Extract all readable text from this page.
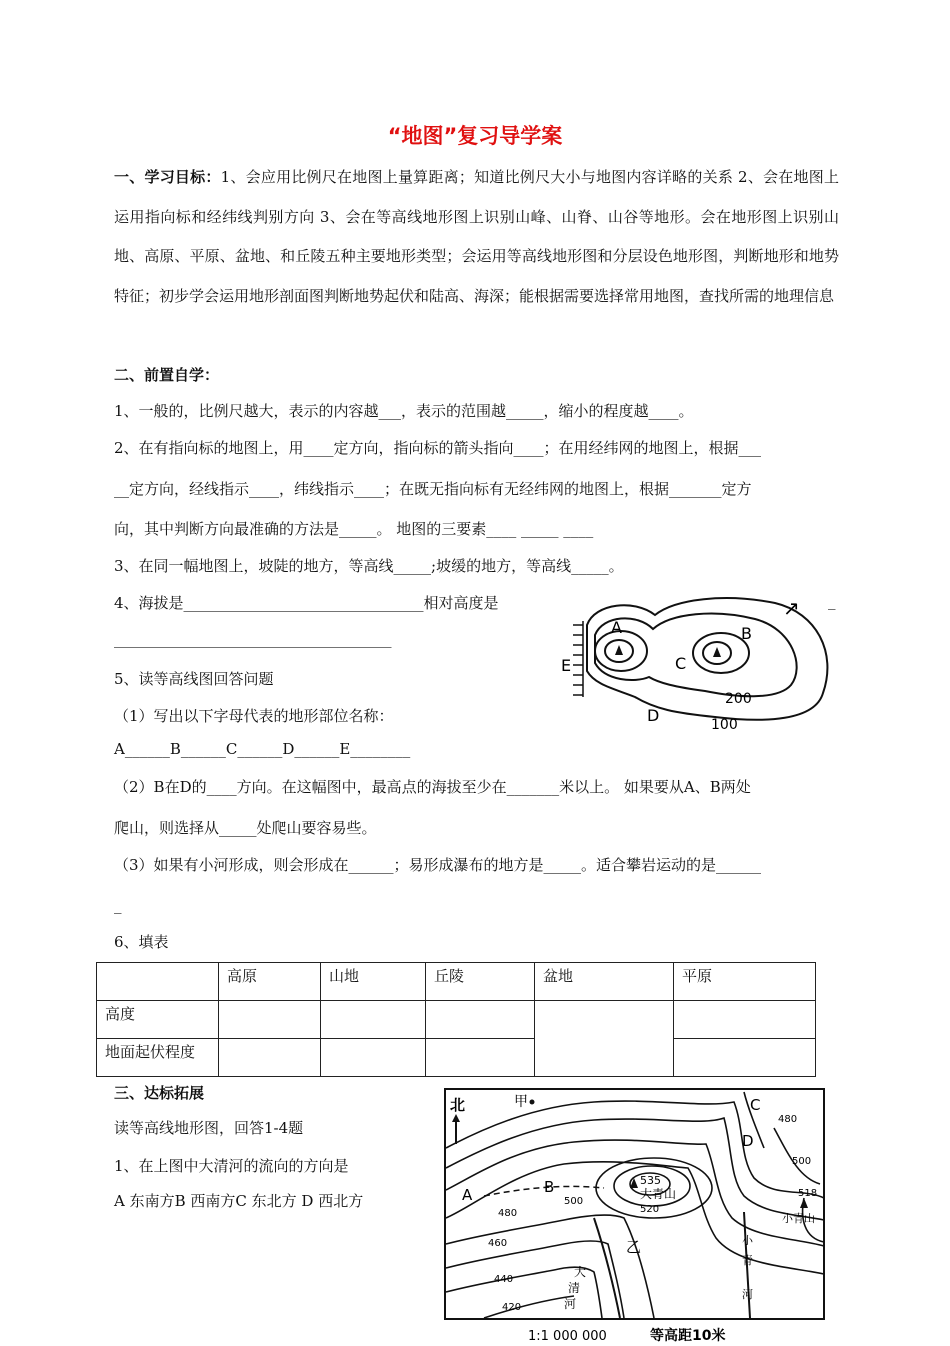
“地图”复习导学案
一、学习目标：1、会应用比例尺在地图上量算距离；知道比例尺大小与地图内容详略的关系 2、会在地图上运用指向标和经纬线判别方向 3、会在等高线地形图上识别山峰、山脊、山谷等地形。会在地形图上识别山地、高原、平原、盆地、和丘陵五种主要地形类型；会运用等高线地形图和分层设色地形图，判断地形和地势特征；初步学会运用地形剖面图判断地势起伏和陆高、海深；能根据需要选择常用地图，查找所需的地理信息
二、前置自学：
1、一般的，比例尺越大，表示的内容越___，表示的范围越_____，缩小的程度越____。
2、在有指向标的地图上，用____定方向，指向标的箭头指向____；在用经纬网的地图上，根据___
__定方向，经线指示____，纬线指示____；在既无指向标有无经纬网的地图上，根据_______定方
向，其中判断方向最准确的方法是_____。 地图的三要素____ _____ ____
3、在同一幅地图上，坡陡的地方，等高线_____;坡缓的地方，等高线_____。
4、海拔是________________________________相对高度是	_
_____________________________________
5、读等高线图回答问题
（1）写出以下字母代表的地形部位名称：
A______B______C______D______E________
（2）B在D的____方向。在这幅图中，最高点的海拔至少在_______米以上。 如果要从A、B两处
爬山，则选择从_____处爬山要容易些。
（3）如果有小河形成，则会形成在______；易形成瀑布的地方是_____。适合攀岩运动的是______
_
6、填表
A	B
C
D
E
200
100
↗
	高原	山地	丘陵	盆地	平原
高度					
地面起伏程度					
三、达标拓展
读等高线地形图，回答1-4题
1、在上图中大清河的流向的方向是
A 东南方B 西南方C 东北方 D 西北方
北	甲
A	B
C
D
乙
535
大青山	518
小青山
大
清
河
小
青
河
480
500
520
500
480
460
440
420
1:1 000 000	等高距10米
